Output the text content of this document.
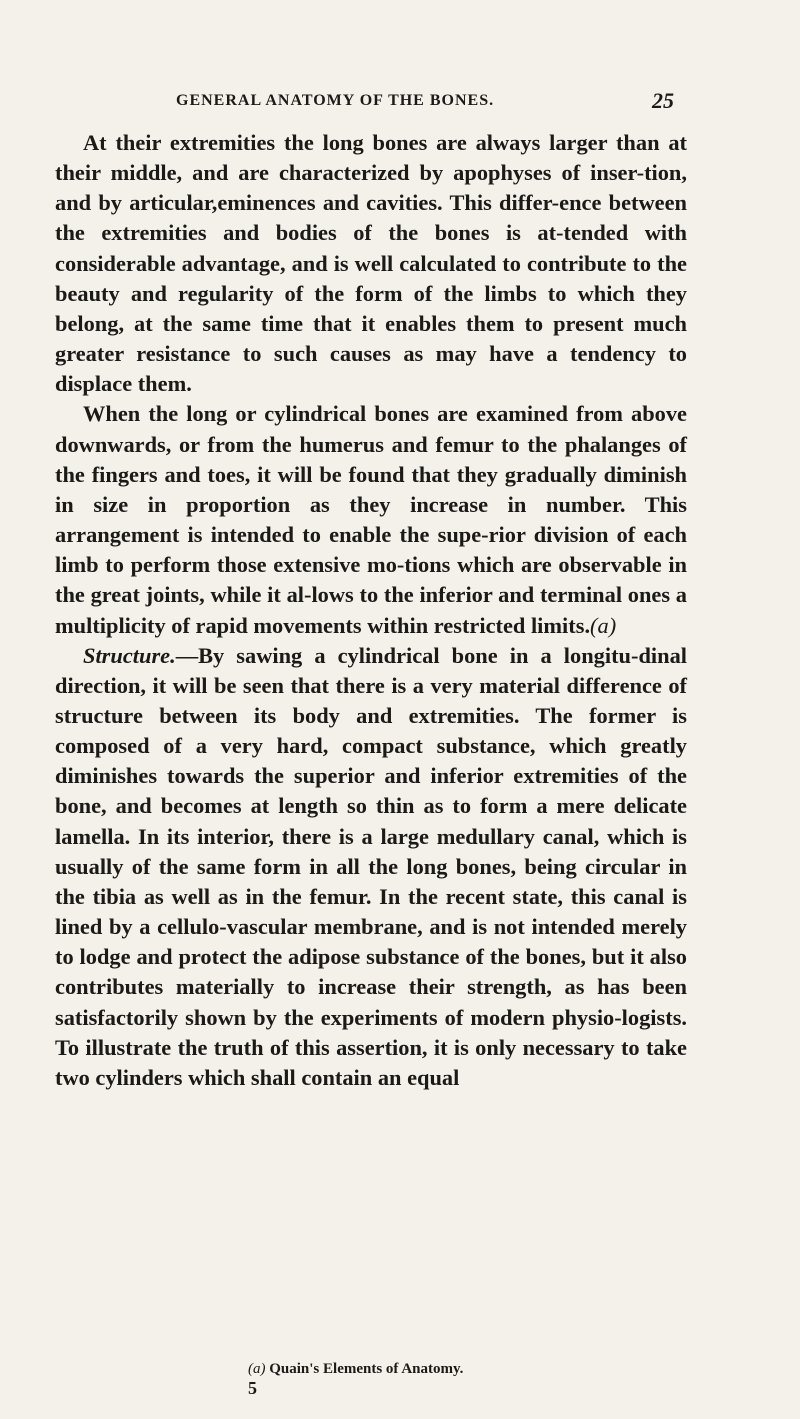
GENERAL ANATOMY OF THE BONES.	25

At their extremities the long bones are always larger than at their middle, and are characterized by apophyses of inser-tion, and by articular,eminences and cavities. This differ-ence between the extremities and bodies of the bones is at-tended with considerable advantage, and is well calculated to contribute to the beauty and regularity of the form of the limbs to which they belong, at the same time that it enables them to present much greater resistance to such causes as may have a tendency to displace them.

When the long or cylindrical bones are examined from above downwards, or from the humerus and femur to the phalanges of the fingers and toes, it will be found that they gradually diminish in size in proportion as they increase in number. This arrangement is intended to enable the supe-rior division of each limb to perform those extensive mo-tions which are observable in the great joints, while it al-lows to the inferior and terminal ones a multiplicity of rapid movements within restricted limits.(a)

Structure.—By sawing a cylindrical bone in a longitu-dinal direction, it will be seen that there is a very material difference of structure between its body and extremities. The former is composed of a very hard, compact substance, which greatly diminishes towards the superior and inferior extremities of the bone, and becomes at length so thin as to form a mere delicate lamella. In its interior, there is a large medullary canal, which is usually of the same form in all the long bones, being circular in the tibia as well as in the femur. In the recent state, this canal is lined by a cellulo-vascular membrane, and is not intended merely to lodge and protect the adipose substance of the bones, but it also contributes materially to increase their strength, as has been satisfactorily shown by the experiments of modern physio-logists. To illustrate the truth of this assertion, it is only necessary to take two cylinders which shall contain an equal

(a) Quain's Elements of Anatomy.
5
